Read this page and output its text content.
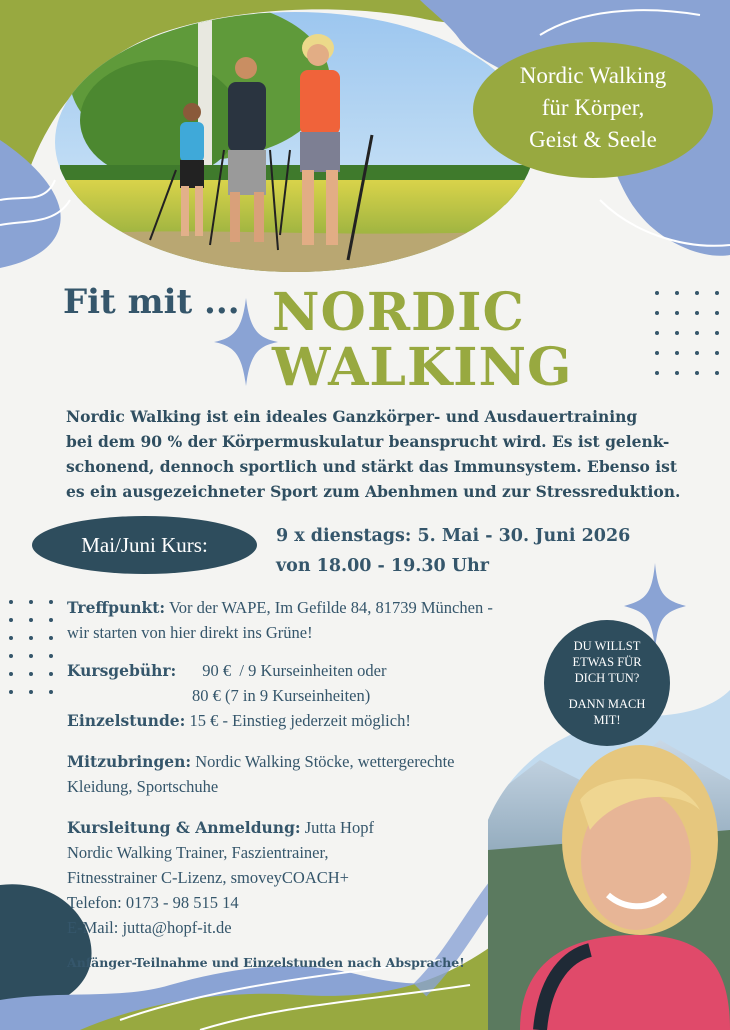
Nordic Walking
für Körper,
Geist & Seele
Fit mit ... NORDIC
WALKING
Nordic Walking ist ein ideales Ganzkörper- und Ausdauertraining
bei dem 90 % der Körpermuskulatur beansprucht wird. Es ist gelenk-
schonend, dennoch sportlich und stärkt das Immunsystem. Ebenso ist
es ein ausgezeichneter Sport zum Abenhmen und zur Stressreduktion.
Mai/Juni Kurs:	9 x dienstags: 5. Mai - 30. Juni 2026
von 18.00 - 19.30 Uhr
Treffpunkt: Vor der WAPE, Im Gefilde 84, 81739 München -
wir starten von hier direkt ins Grüne!
Kursgebühr: 90 €  / 9 Kurseinheiten oder
80 € (7 in 9 Kurseinheiten)
Einzelstunde: 15 € - Einstieg jederzeit möglich!
Mitzubringen: Nordic Walking Stöcke, wettergerechte
Kleidung, Sportschuhe
Kursleitung & Anmeldung: Jutta Hopf
Nordic Walking Trainer, Faszientrainer,
Fitnesstrainer C-Lizenz, smoveyCOACH+
Telefon: 0173 - 98 515 14
E-Mail: jutta@hopf-it.de
DU WILLST
ETWAS FÜR
DICH TUN?
DANN MACH
MIT!
Anfänger-Teilnahme und Einzelstunden nach Absprache!
